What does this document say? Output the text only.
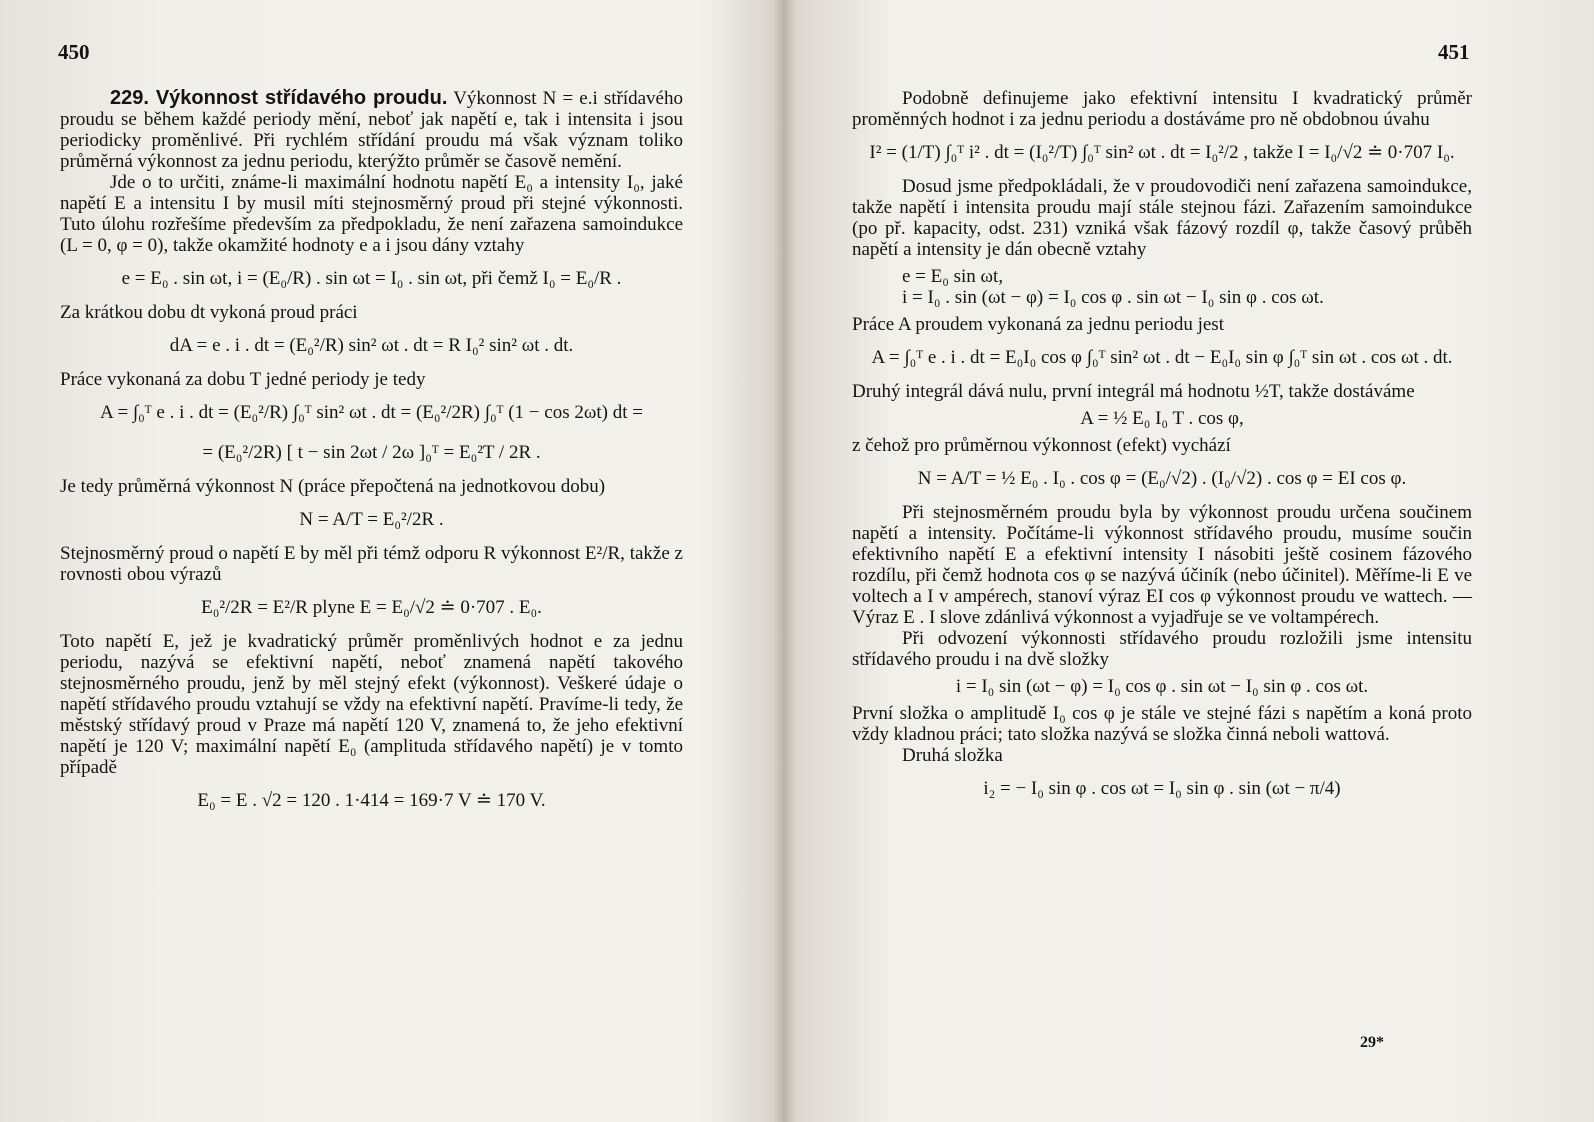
450

229. Výkonnost střídavého proudu. Výkonnost N = e.i střídavého proudu se během každé periody mění, neboť jak napětí e, tak i intensita i jsou periodicky proměnlivé. Při rychlém střídání proudu má však význam toliko průměrná výkonnost za jednu periodu, kterýžto průměr se časově nemění.

Jde o to určiti, známe-li maximální hodnotu napětí E₀ a intensity I₀, jaké napětí E a intensitu I by musil míti stejnosměrný proud při stejné výkonnosti. Tuto úlohu rozřešíme především za předpokladu, že není zařazena samoindukce (L = 0, φ = 0), takže okamžité hodnoty e a i jsou dány vztahy

e = E₀ . sin ωt, i = (E₀/R) . sin ωt = I₀ . sin ωt, při čemž I₀ = E₀/R .

Za krátkou dobu dt vykoná proud práci

dA = e . i . dt = (E₀²/R) sin² ωt . dt = R I₀² sin² ωt . dt.

Práce vykonaná za dobu T jedné periody je tedy

A = ∫₀ᵀ e . i . dt = (E₀²/R) ∫₀ᵀ sin² ωt . dt = (E₀²/2R) ∫₀ᵀ (1 − cos 2ωt) dt =
= (E₀²/2R) [ t − sin 2ωt / 2ω ]₀ᵀ = E₀²T / 2R .

Je tedy průměrná výkonnost N (práce přepočtená na jednotkovou dobu)

N = A/T = E₀²/2R .

Stejnosměrný proud o napětí E by měl při témž odporu R výkonnost E²/R, takže z rovnosti obou výrazů

E₀²/2R = E²/R plyne E = E₀/√2 ≐ 0·707 . E₀.

Toto napětí E, jež je kvadratický průměr proměnlivých hodnot e za jednu periodu, nazývá se efektivní napětí, neboť znamená napětí takového stejnosměrného proudu, jenž by měl stejný efekt (výkonnost). Veškeré údaje o napětí střídavého proudu vztahují se vždy na efektivní napětí. Pravíme-li tedy, že městský střídavý proud v Praze má napětí 120 V, znamená to, že jeho efektivní napětí je 120 V; maximální napětí E₀ (amplituda střídavého napětí) je v tomto případě

E₀ = E . √2 = 120 . 1·414 = 169·7 V ≐ 170 V.
451

Podobně definujeme jako efektivní intensitu I kvadratický průměr proměnných hodnot i za jednu periodu a dostáváme pro ně obdobnou úvahu

I² = (1/T) ∫₀ᵀ i² . dt = (I₀²/T) ∫₀ᵀ sin² ωt . dt = I₀²/2 , takže I = I₀/√2 ≐ 0·707 I₀.

Dosud jsme předpokládali, že v proudovodiči není zařazena samoindukce, takže napětí i intensita proudu mají stále stejnou fázi. Zařazením samoindukce (po př. kapacity, odst. 231) vzniká však fázový rozdíl φ, takže časový průběh napětí a intensity je dán obecně vztahy

e = E₀ sin ωt,
i = I₀ . sin (ωt − φ) = I₀ cos φ . sin ωt − I₀ sin φ . cos ωt.

Práce A proudem vykonaná za jednu periodu jest

A = ∫₀ᵀ e . i . dt = E₀I₀ cos φ ∫₀ᵀ sin² ωt . dt − E₀I₀ sin φ ∫₀ᵀ sin ωt . cos ωt . dt.

Druhý integrál dává nulu, první integrál má hodnotu ½T, takže dostáváme

A = ½ E₀ I₀ T . cos φ,

z čehož pro průměrnou výkonnost (efekt) vychází

N = A/T = ½ E₀ . I₀ . cos φ = (E₀/√2) . (I₀/√2) . cos φ = EI cos φ.

Při stejnosměrném proudu byla by výkonnost proudu určena součinem napětí a intensity. Počítáme-li výkonnost střídavého proudu, musíme součin efektivního napětí E a efektivní intensity I násobiti ještě cosinem fázového rozdílu, při čemž hodnota cos φ se nazývá účiník (nebo účinitel). Měříme-li E ve voltech a I v ampérech, stanoví výraz EI cos φ výkonnost proudu ve wattech. — Výraz E . I slove zdánlivá výkonnost a vyjadřuje se ve voltampérech.

Při odvození výkonnosti střídavého proudu rozložili jsme intensitu střídavého proudu i na dvě složky

i = I₀ sin (ωt − φ) = I₀ cos φ . sin ωt − I₀ sin φ . cos ωt.

První složka o amplitudě I₀ cos φ je stále ve stejné fázi s napětím a koná proto vždy kladnou práci; tato složka nazývá se složka činná neboli wattová.

Druhá složka

i₂ = − I₀ sin φ . cos ωt = I₀ sin φ . sin (ωt − π/4)
29*
